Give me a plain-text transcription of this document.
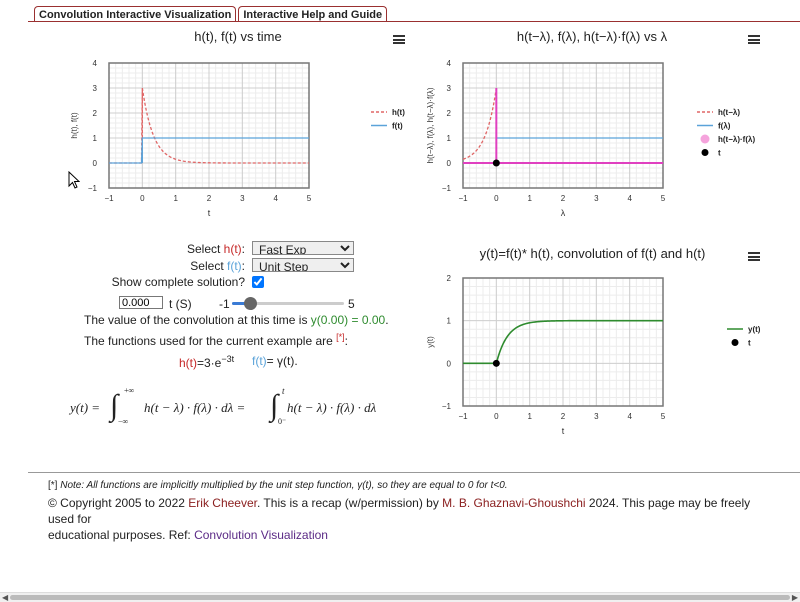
Convolution Interactive Visualization	Interactive Help and Guide
h(t), f(t) vs time
−1	0	1	2	3	4	5
−1
0
1
2
3
4
t
h(t), f(t)	h(t)
f(t)
h(t−λ), f(λ), h(t−λ)·f(λ) vs λ
−1	0	1	2	3	4	5
−1
0
1
2
3
4
λ
h(t−λ), f(λ), h(t−λ)·f(λ)	h(t−λ)
f(λ)
h(t−λ)·f(λ)
t
y(t)=f(t)* h(t), convolution of f(t) and h(t)
−1	0	1	2	3	4	5
−1
0
1
2
t
y(t)
y(t)
t
Select h(t):
Fast Exp
Select f(t):
Unit Step
Show complete solution?
0.000
t (S) -1	5
The value of the convolution at this time is y(0.00) = 0.00.
The functions used for the current example are [*]:
$h(t)=3\cdot e^{-3t}$ f(t)= γ(t).
y(t) = ∫ +∞
−∞
h(t − λ) · f(λ) · dλ = ∫ t
0⁻
h(t − λ) · f(λ) · dλ
[*] Note: All functions are implicitly multiplied by the unit step function, γ(t), so they are equal to 0 for t<0.
© Copyright 2005 to 2022 Erik Cheever. This is a recap (w/permission) by M. B. Ghaznavi-Ghoushchi 2024. This page may be freely used for
educational purposes. Ref: Convolution Visualization
◀	▶
